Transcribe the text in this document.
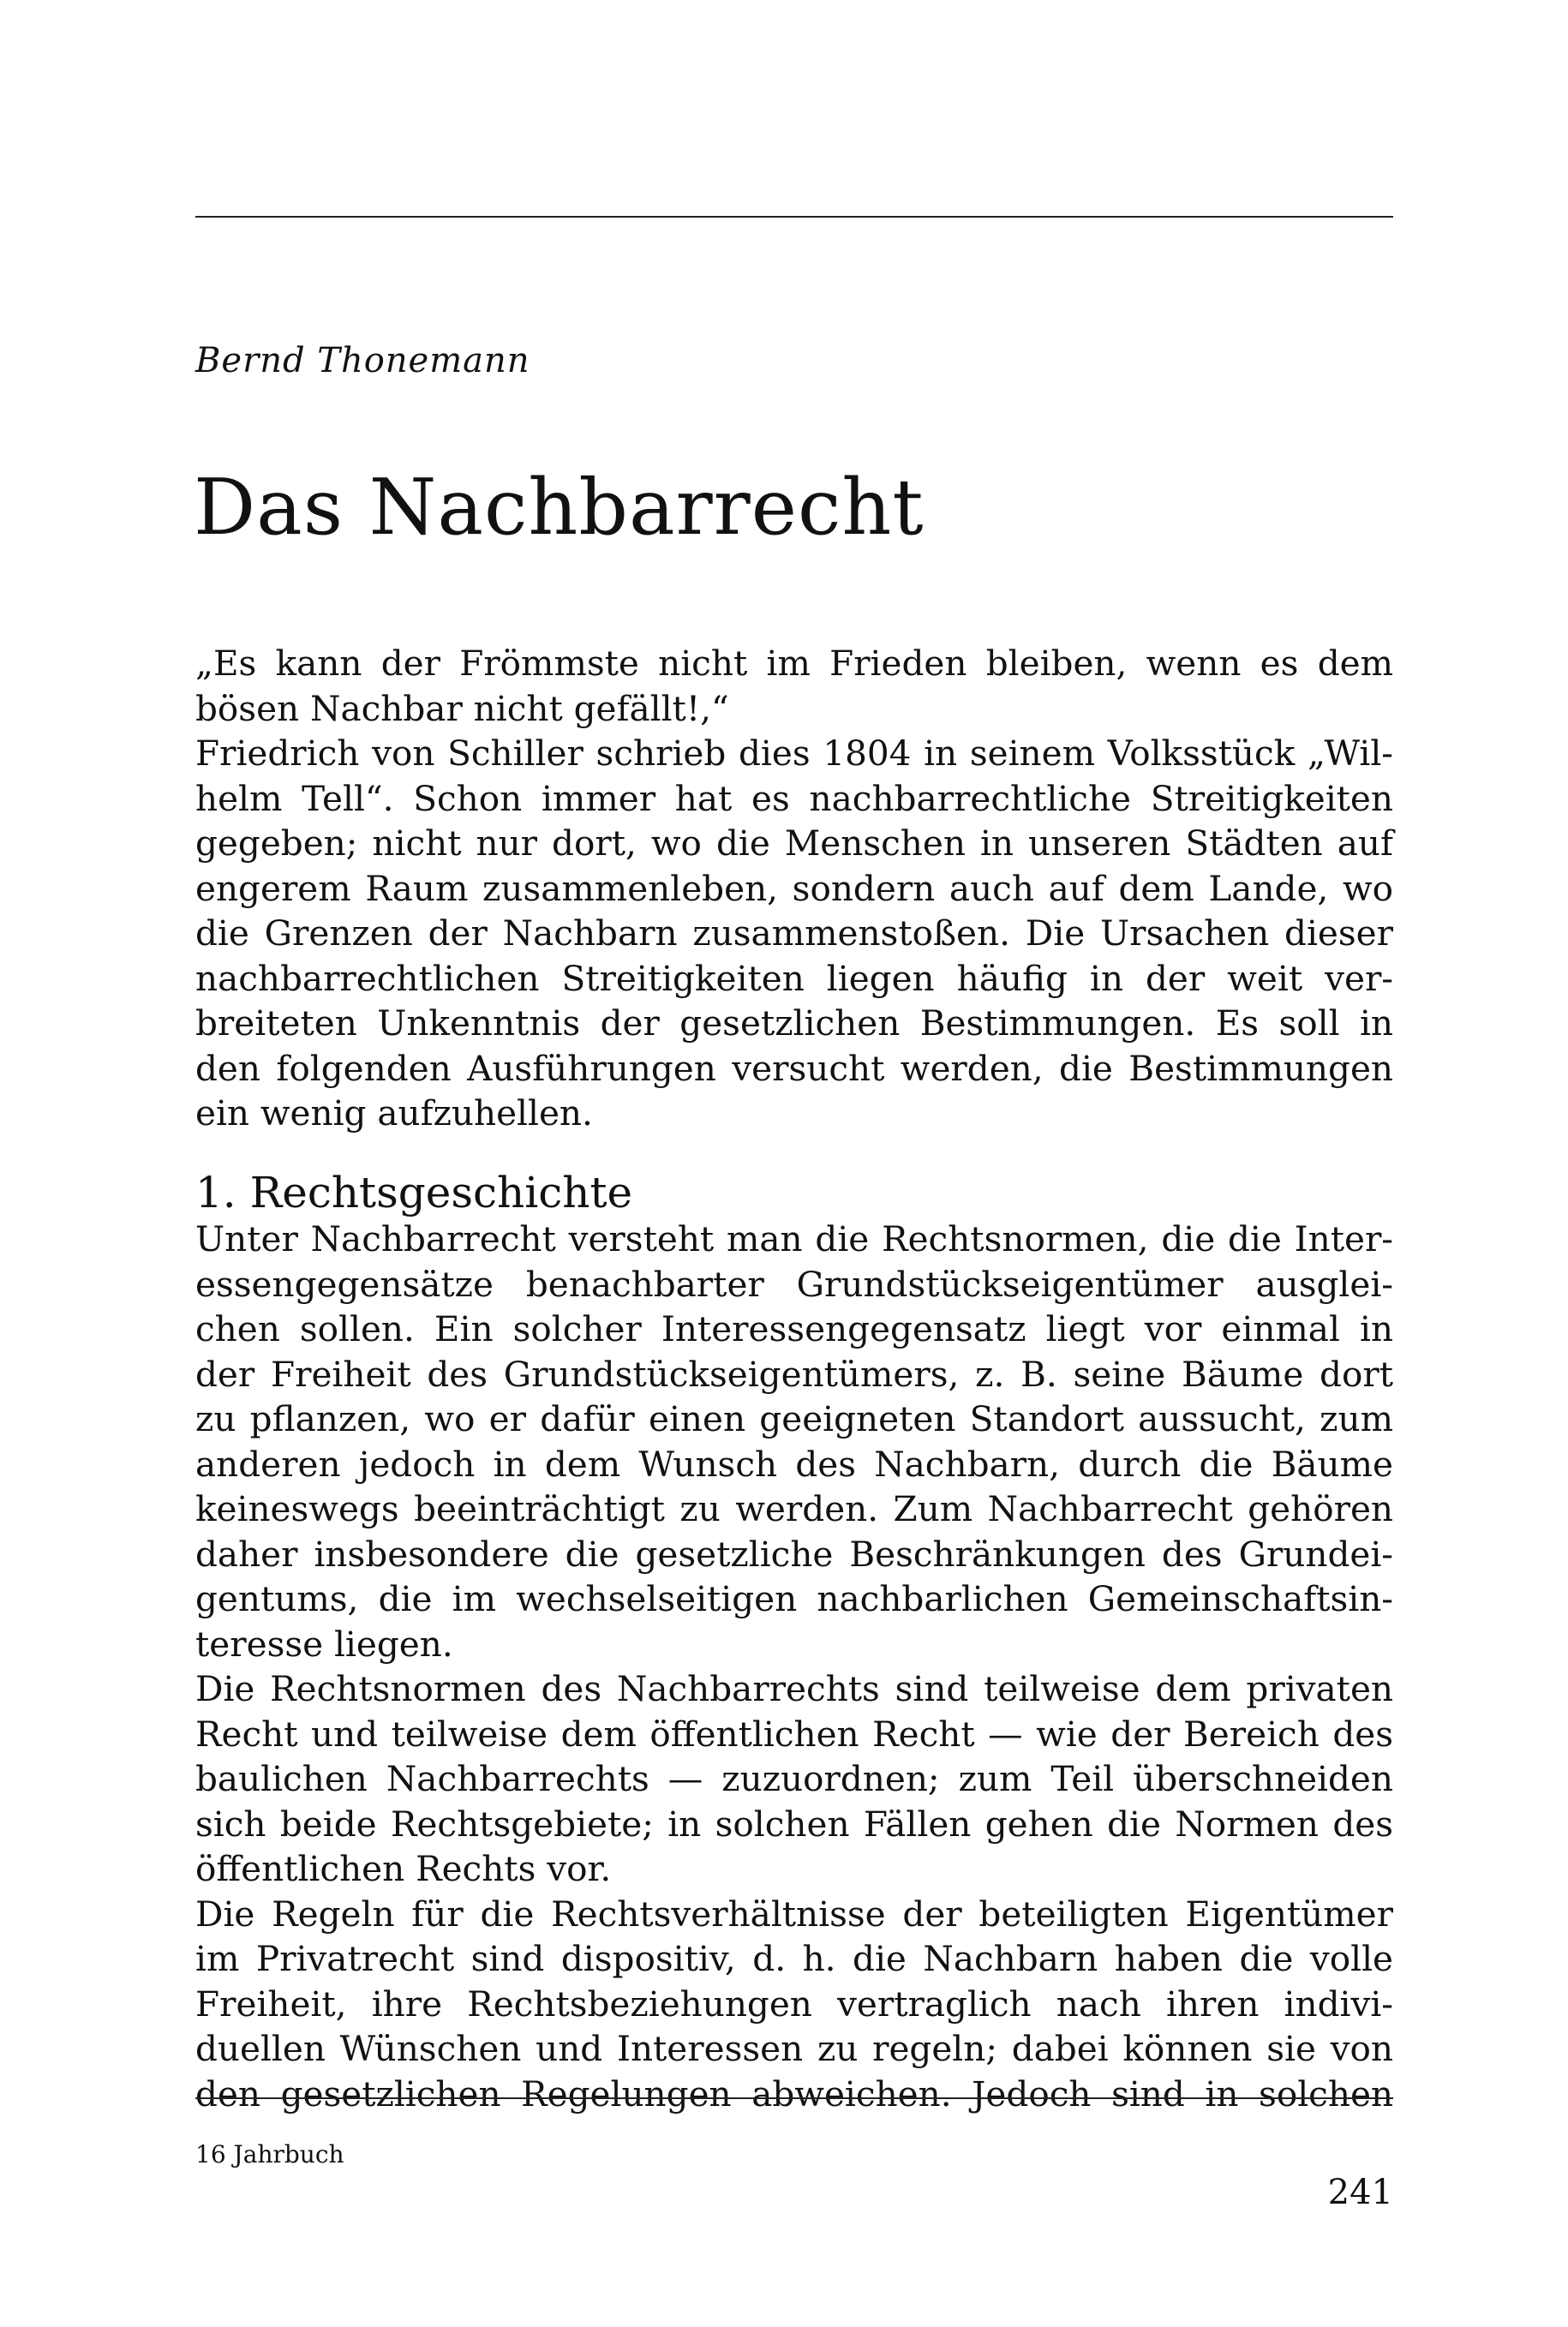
Bernd Thonemann
Das Nachbarrecht
„Es kann der Frömmste nicht im Frieden bleiben, wenn es dem
bösen Nachbar nicht gefällt!,“
Friedrich von Schiller schrieb dies 1804 in seinem Volksstück „Wil-
helm Tell“. Schon immer hat es nachbarrechtliche Streitigkeiten
gegeben; nicht nur dort, wo die Menschen in unseren Städten auf
engerem Raum zusammenleben, sondern auch auf dem Lande, wo
die Grenzen der Nachbarn zusammenstoßen. Die Ursachen dieser
nachbarrechtlichen Streitigkeiten liegen häufig in der weit ver-
breiteten Unkenntnis der gesetzlichen Bestimmungen. Es soll in
den folgenden Ausführungen versucht werden, die Bestimmungen
ein wenig aufzuhellen.
1. Rechtsgeschichte
Unter Nachbarrecht versteht man die Rechtsnormen, die die Inter-
essengegensätze benachbarter Grundstückseigentümer ausglei-
chen sollen. Ein solcher Interessengegensatz liegt vor einmal in
der Freiheit des Grundstückseigentümers, z. B. seine Bäume dort
zu pflanzen, wo er dafür einen geeigneten Standort aussucht, zum
anderen jedoch in dem Wunsch des Nachbarn, durch die Bäume
keineswegs beeinträchtigt zu werden. Zum Nachbarrecht gehören
daher insbesondere die gesetzliche Beschränkungen des Grundei-
gentums, die im wechselseitigen nachbarlichen Gemeinschaftsin-
teresse liegen.
Die Rechtsnormen des Nachbarrechts sind teilweise dem privaten
Recht und teilweise dem öffentlichen Recht — wie der Bereich des
baulichen Nachbarrechts — zuzuordnen; zum Teil überschneiden
sich beide Rechtsgebiete; in solchen Fällen gehen die Normen des
öffentlichen Rechts vor.
Die Regeln für die Rechtsverhältnisse der beteiligten Eigentümer
im Privatrecht sind dispositiv, d. h. die Nachbarn haben die volle
Freiheit, ihre Rechtsbeziehungen vertraglich nach ihren indivi-
duellen Wünschen und Interessen zu regeln; dabei können sie von
den gesetzlichen Regelungen abweichen. Jedoch sind in solchen
16 Jahrbuch
241
